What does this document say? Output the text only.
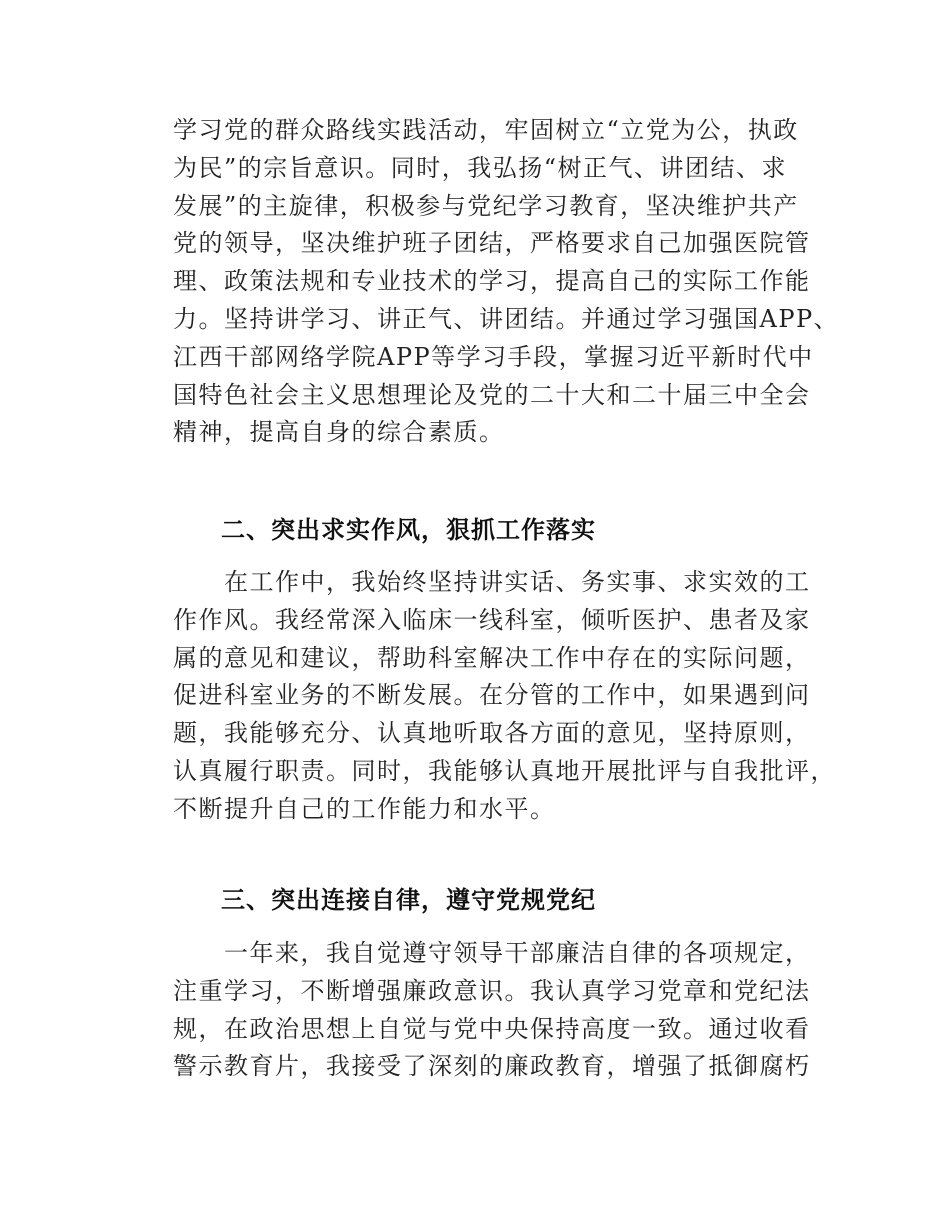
学习党的群众路线实践活动，牢固树立“立党为公，执政
为民”的宗旨意识。同时，我弘扬“树正气、讲团结、求
发展”的主旋律，积极参与党纪学习教育，坚决维护共产
党的领导，坚决维护班子团结，严格要求自己加强医院管
理、政策法规和专业技术的学习，提高自己的实际工作能
力。坚持讲学习、讲正气、讲团结。并通过学习强国APP、
江西干部网络学院APP等学习手段，掌握习近平新时代中
国特色社会主义思想理论及党的二十大和二十届三中全会
精神，提高自身的综合素质。
二、突出求实作风，狠抓工作落实
　　在工作中，我始终坚持讲实话、务实事、求实效的工
作作风。我经常深入临床一线科室，倾听医护、患者及家
属的意见和建议，帮助科室解决工作中存在的实际问题，
促进科室业务的不断发展。在分管的工作中，如果遇到问
题，我能够充分、认真地听取各方面的意见，坚持原则，
认真履行职责。同时，我能够认真地开展批评与自我批评，
不断提升自己的工作能力和水平。
三、突出连接自律，遵守党规党纪
　　一年来，我自觉遵守领导干部廉洁自律的各项规定，
注重学习，不断增强廉政意识。我认真学习党章和党纪法
规，在政治思想上自觉与党中央保持高度一致。通过收看
警示教育片，我接受了深刻的廉政教育，增强了抵御腐朽
